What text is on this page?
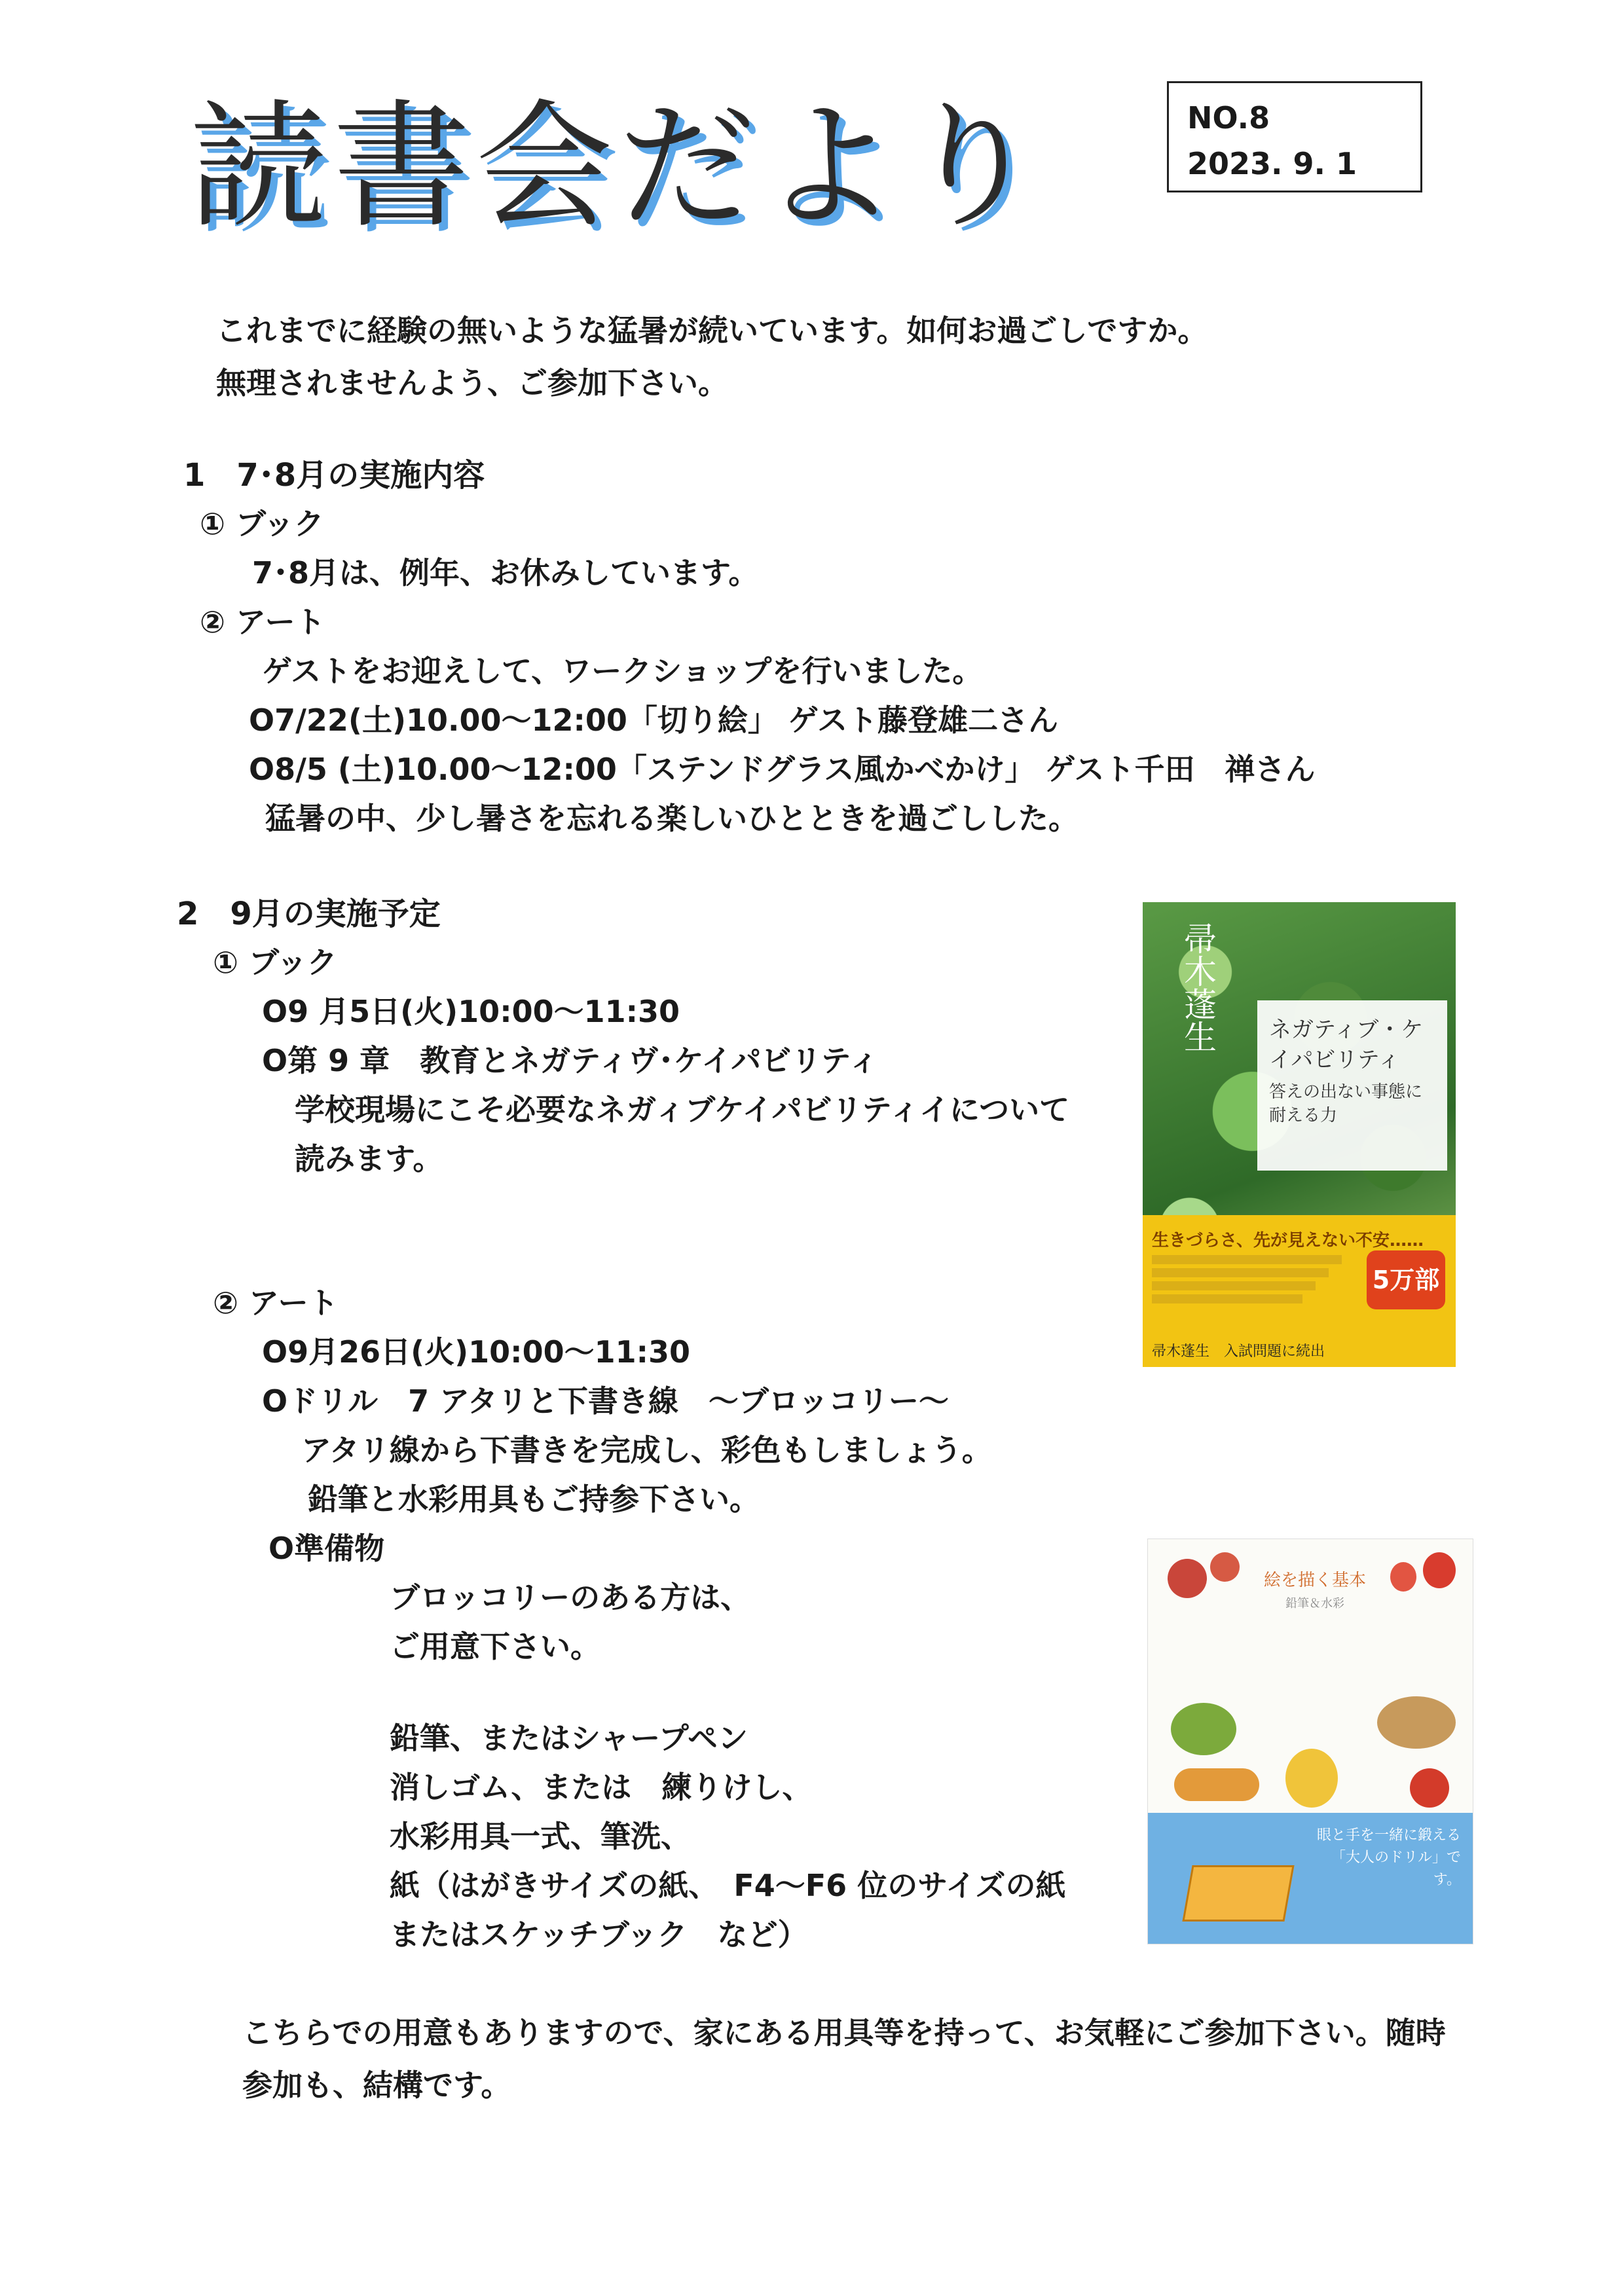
読書会だより	NO.8
2023. 9. 1
これまでに経験の無いような猛暑が続いています。如何お過ごしですか。
無理されませんよう、ご参加下さい。
1　7･8月の実施内容
① ブック
7･8月は、例年、お休みしています。
② アート
ゲストをお迎えして、ワークショップを行いました。
O7/22(土)10.00～12:00「切り絵」 ゲスト藤登雄二さん
O8/5 (土)10.00～12:00「ステンドグラス風かべかけ」 ゲスト千田　禅さん
猛暑の中、少し暑さを忘れる楽しいひとときを過ごしした。
2　9月の実施予定
① ブック
O9 月5日(火)10:00～11:30
O第 9 章　教育とネガティヴ･ケイパビリティ
学校現場にこそ必要なネガィブケイパビリティイについて
読みます。
② アート
O9月26日(火)10:00～11:30
Oドリル　7 アタリと下書き線　～ブロッコリー～
アタリ線から下書きを完成し、彩色もしましょう。
鉛筆と水彩用具もご持参下さい。
O準備物
ブロッコリーのある方は、
ご用意下さい。
鉛筆、またはシャープペン
消しゴム、または　練りけし、
水彩用具一式、筆洗、
紙（はがきサイズの紙、　F4～F6 位のサイズの紙
またはスケッチブック　など）
こちらでの用意もありますので、家にある用具等を持って、お気軽にご参加下さい。随時
参加も、結構です。
帚木蓬生 ネガティブ・ケイパビリティ
答えの出ない事態に耐える力
生きづらさ、先が見えない不安……
5万部
帚木蓬生　入試問題に続出
絵を描く基本
鉛筆＆水彩
眼と手を一緒に鍛える「大人のドリル」です。
